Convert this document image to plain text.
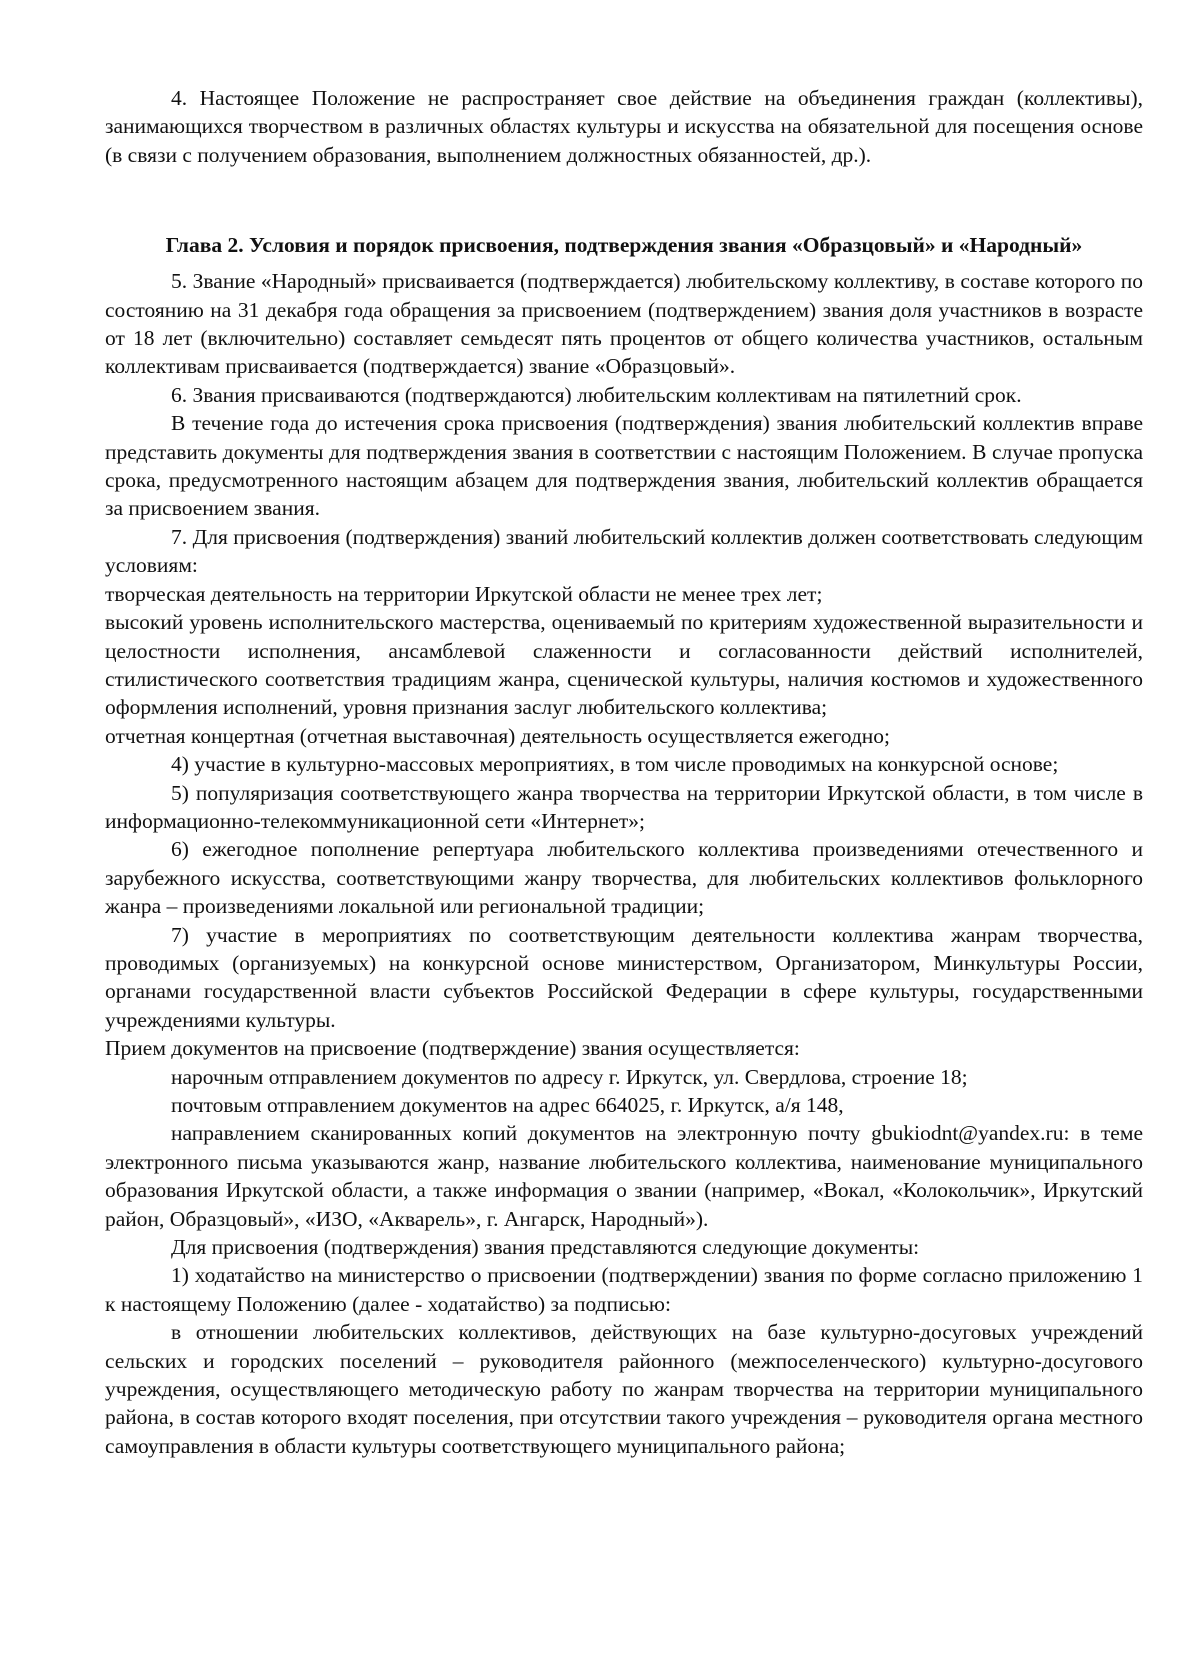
4. Настоящее Положение не распространяет свое действие на объединения граждан (коллективы), занимающихся творчеством в различных областях культуры и искусства на обязательной для посещения основе (в связи с получением образования, выполнением должностных обязанностей, др.).

Глава 2. Условия и порядок присвоения, подтверждения звания «Образцовый» и «Народный»

5. Звание «Народный» присваивается (подтверждается) любительскому коллективу, в составе которого по состоянию на 31 декабря года обращения за присвоением (подтверждением) звания доля участников в возрасте от 18 лет (включительно) составляет семьдесят пять процентов от общего количества участников, остальным коллективам присваивается (подтверждается) звание «Образцовый».

6. Звания присваиваются (подтверждаются) любительским коллективам на пятилетний срок.

В течение года до истечения срока присвоения (подтверждения) звания любительский коллектив вправе представить документы для подтверждения звания в соответствии с настоящим Положением. В случае пропуска срока, предусмотренного настоящим абзацем для подтверждения звания, любительский коллектив обращается за присвоением звания.

7. Для присвоения (подтверждения) званий любительский коллектив должен соответствовать следующим условиям:

творческая деятельность на территории Иркутской области не менее трех лет;

высокий уровень исполнительского мастерства, оцениваемый по критериям художественной выразительности и целостности исполнения, ансамблевой слаженности и согласованности действий исполнителей, стилистического соответствия традициям жанра, сценической культуры, наличия костюмов и художественного оформления исполнений, уровня признания заслуг любительского коллектива;

отчетная концертная (отчетная выставочная) деятельность осуществляется ежегодно;

4) участие в культурно-массовых мероприятиях, в том числе проводимых на конкурсной основе;

5) популяризация соответствующего жанра творчества на территории Иркутской области, в том числе в информационно-телекоммуникационной сети «Интернет»;

6) ежегодное пополнение репертуара любительского коллектива произведениями отечественного и зарубежного искусства, соответствующими жанру творчества, для любительских коллективов фольклорного жанра – произведениями локальной или региональной традиции;

7) участие в мероприятиях по соответствующим деятельности коллектива жанрам творчества, проводимых (организуемых) на конкурсной основе министерством, Организатором, Минкультуры России, органами государственной власти субъектов Российской Федерации в сфере культуры, государственными учреждениями культуры.

Прием документов на присвоение (подтверждение) звания осуществляется:

нарочным отправлением документов по адресу г. Иркутск, ул. Свердлова, строение 18;

почтовым отправлением документов на адрес 664025, г. Иркутск, а/я 148,

направлением сканированных копий документов на электронную почту gbukiodnt@yandex.ru: в теме электронного письма указываются жанр, название любительского коллектива, наименование муниципального образования Иркутской области, а также информация о звании (например, «Вокал, «Колокольчик», Иркутский район, Образцовый», «ИЗО, «Акварель», г. Ангарск, Народный»).

Для присвоения (подтверждения) звания представляются следующие документы:

1) ходатайство на министерство о присвоении (подтверждении) звания по форме согласно приложению 1 к настоящему Положению (далее - ходатайство) за подписью:

в отношении любительских коллективов, действующих на базе культурно-досуговых учреждений сельских и городских поселений – руководителя районного (межпоселенческого) культурно-досугового учреждения, осуществляющего методическую работу по жанрам творчества на территории муниципального района, в состав которого входят поселения, при отсутствии такого учреждения – руководителя органа местного самоуправления в области культуры соответствующего муниципального района;
